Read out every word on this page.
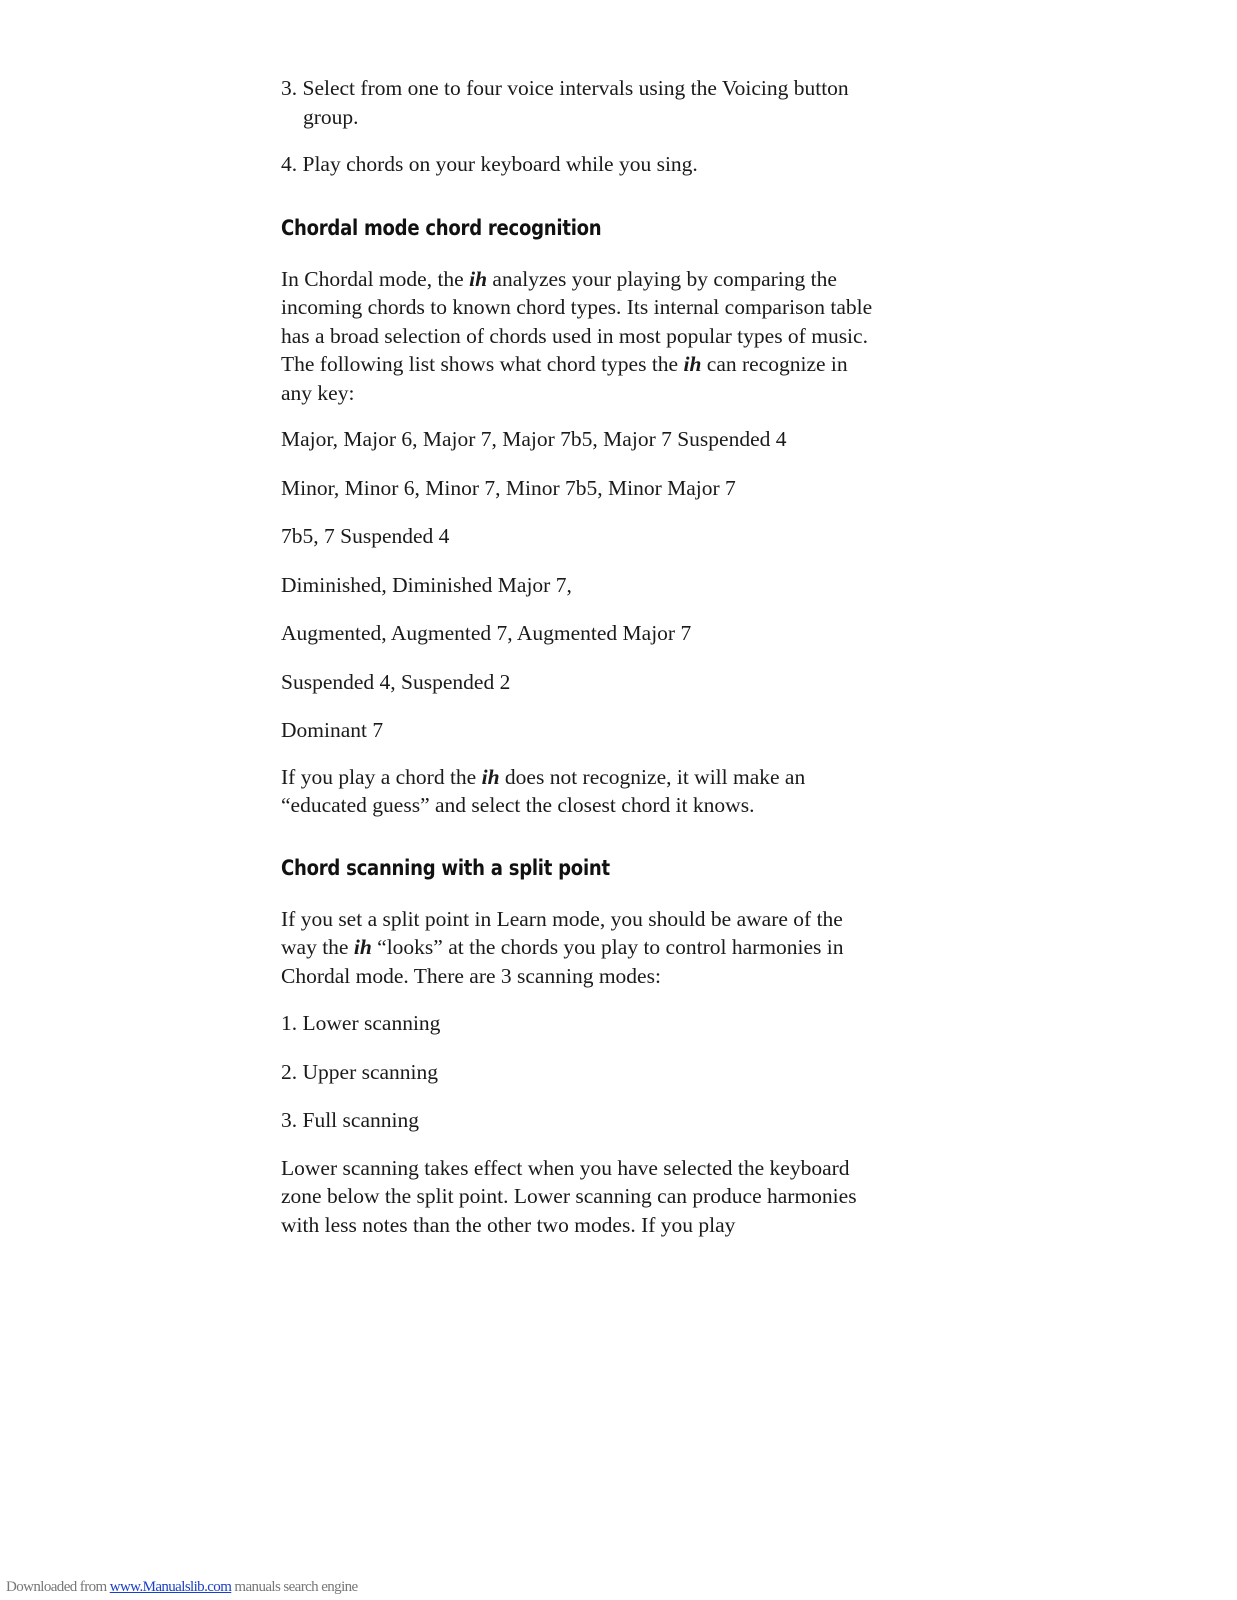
3. Select from one to four voice intervals using the Voicing button group.

4. Play chords on your keyboard while you sing.

Chordal mode chord recognition

In Chordal mode, the ih analyzes your playing by comparing the incoming chords to known chord types. Its internal comparison table has a broad selection of chords used in most popular types of music. The following list shows what chord types the ih can recognize in any key:

Major, Major 6, Major 7, Major 7b5, Major 7 Suspended 4

Minor, Minor 6, Minor 7, Minor 7b5, Minor Major 7

7b5, 7 Suspended 4

Diminished, Diminished Major 7,

Augmented, Augmented 7, Augmented Major 7

Suspended 4, Suspended 2

Dominant 7

If you play a chord the ih does not recognize, it will make an “educated guess” and select the closest chord it knows.

Chord scanning with a split point

If you set a split point in Learn mode, you should be aware of the way the ih “looks” at the chords you play to control harmonies in Chordal mode. There are 3 scanning modes:

1. Lower scanning

2. Upper scanning

3. Full scanning

Lower scanning takes effect when you have selected the keyboard zone below the split point. Lower scanning can produce harmonies with less notes than the other two modes. If you play

Downloaded from www.Manualslib.com manuals search engine
